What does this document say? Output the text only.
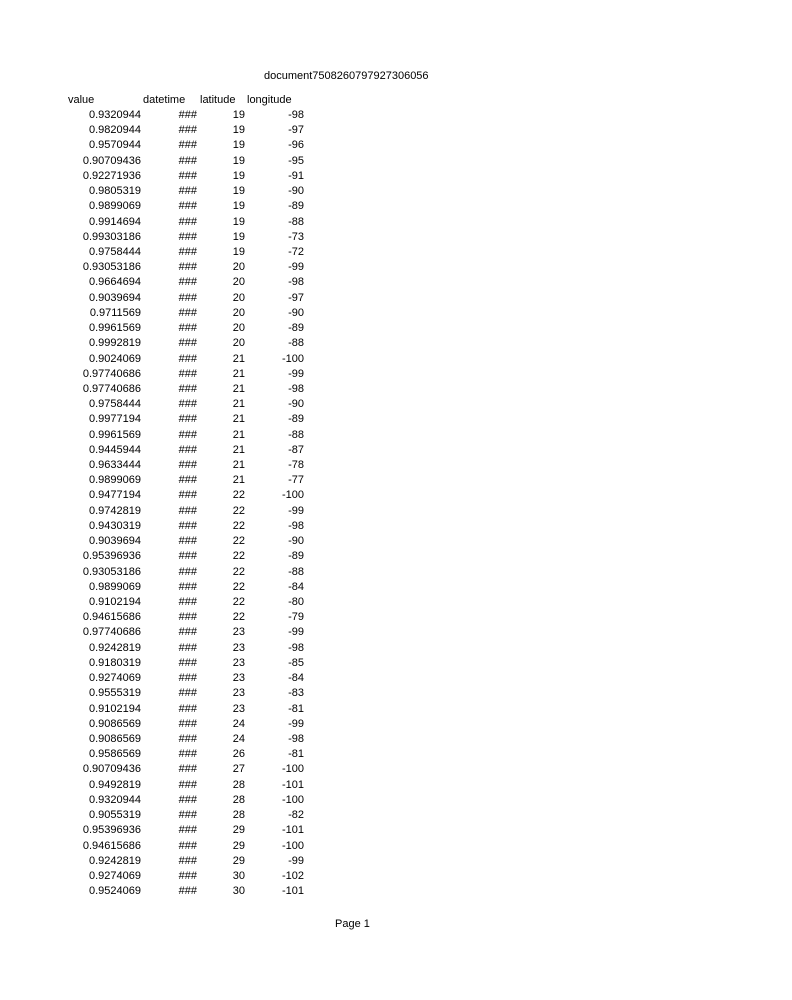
document7508260797927306056
value	datetime latitude longitude
0.9320944	###	19	-98
0.9820944	###	19	-97
0.9570944	###	19	-96
0.90709436	###	19	-95
0.92271936	###	19	-91
0.9805319	###	19	-90
0.9899069	###	19	-89
0.9914694	###	19	-88
0.99303186	###	19	-73
0.9758444	###	19	-72
0.93053186	###	20	-99
0.9664694	###	20	-98
0.9039694	###	20	-97
0.9711569	###	20	-90
0.9961569	###	20	-89
0.9992819	###	20	-88
0.9024069	###	21	-100
0.97740686	###	21	-99
0.97740686	###	21	-98
0.9758444	###	21	-90
0.9977194	###	21	-89
0.9961569	###	21	-88
0.9445944	###	21	-87
0.9633444	###	21	-78
0.9899069	###	21	-77
0.9477194	###	22	-100
0.9742819	###	22	-99
0.9430319	###	22	-98
0.9039694	###	22	-90
0.95396936	###	22	-89
0.93053186	###	22	-88
0.9899069	###	22	-84
0.9102194	###	22	-80
0.94615686	###	22	-79
0.97740686	###	23	-99
0.9242819	###	23	-98
0.9180319	###	23	-85
0.9274069	###	23	-84
0.9555319	###	23	-83
0.9102194	###	23	-81
0.9086569	###	24	-99
0.9086569	###	24	-98
0.9586569	###	26	-81
0.90709436	###	27	-100
0.9492819	###	28	-101
0.9320944	###	28	-100
0.9055319	###	28	-82
0.95396936	###	29	-101
0.94615686	###	29	-100
0.9242819	###	29	-99
0.9274069	###	30	-102
0.9524069	###	30	-101
Page 1
